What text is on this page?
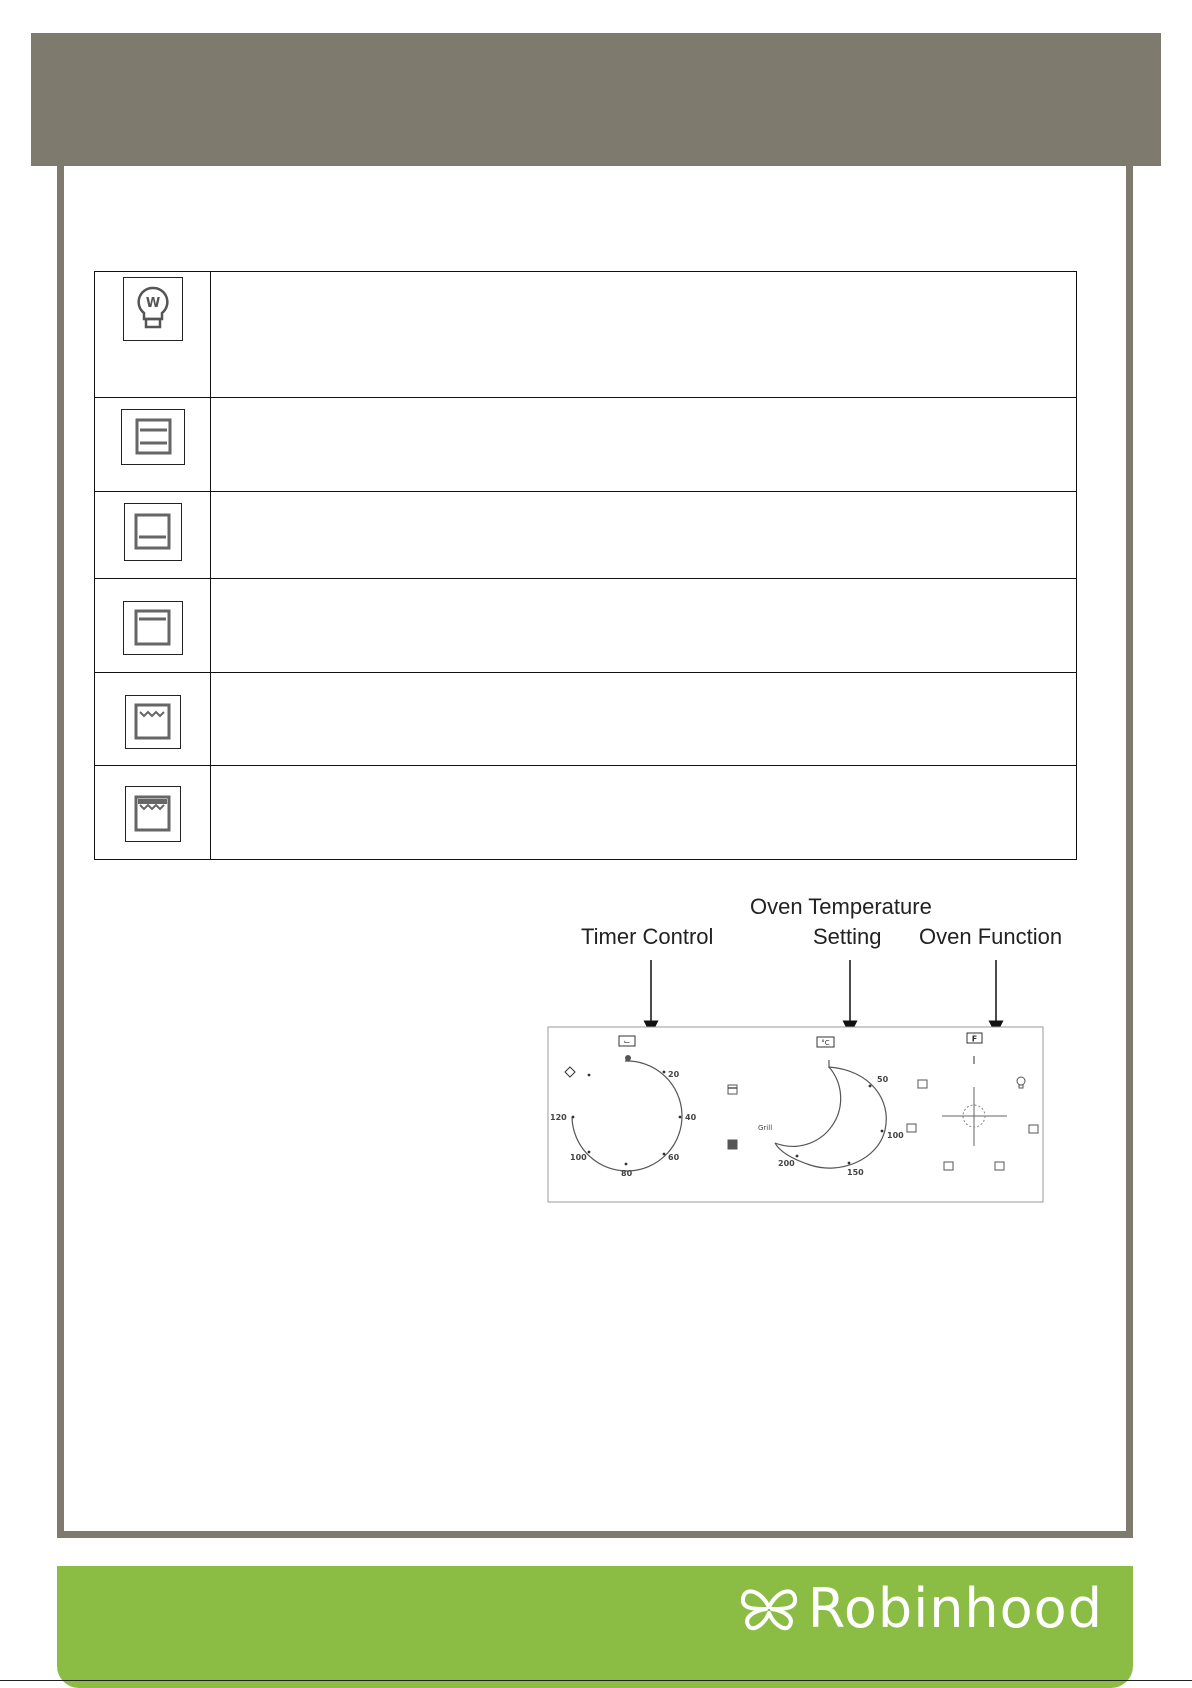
W	

Timer Control
Oven Temperature
Setting Oven Function
⌙
20
40
60
80
100
120
°C
50
100
150
200
Grill
F
Robinhood
